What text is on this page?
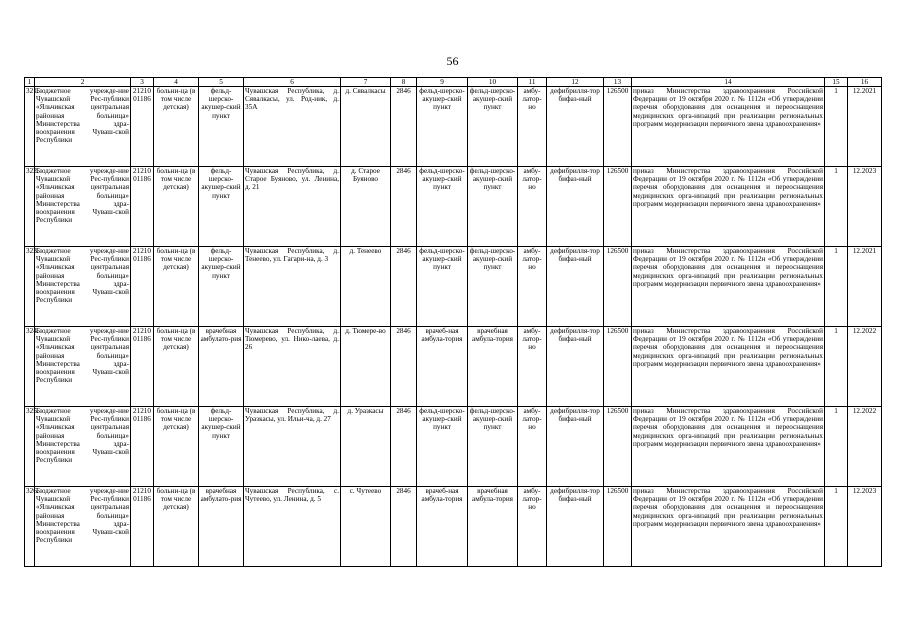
56
1	2	3	4	5	6	7	8	9	10	11	12	13	14	15	16
321.	Бюджетное учрежде-ние Чувашской Рес-публики «Яльчикская центральная районная больница» Министерства здра-воохранения Чуваш-ской Республики	21210 01186	больни-ца (в том числе детская)	фельд-шерско-акушер-ский пункт	Чувашская Республика, д. Сявалкасы, ул. Род-ник, д. 35А	д. Сявалкасы	2846	фельд-шерско-акушер-ский пункт	фельд-шерско-акушер-ский пункт	амбу-латор-но	дефибрилля-тор бифаз-ный	126500	приказ Министерства здравоохранения Российской Федерации от 19 октября 2020 г. № 1112н «Об утверждении перечня оборудования для оснащения и переоснащения медицинских орга-низаций при реализации региональных программ модернизации первичного звена здравоохранения»	1	12.2021
322.	Бюджетное учрежде-ние Чувашской Рес-публики «Яльчикская центральная районная больница» Министерства здра-воохранения Чуваш-ской Республики	21210 01186	больни-ца (в том числе детская)	фельд-шерско-акушер-ский пункт	Чувашская Республика, д. Старое Буяново, ул. Ленина, д. 21	д. Старое Буяново	2846	фельд-шерско-акушер-ский пункт	фельд-шерско-акушер-ский пункт	амбу-латор-но	дефибрилля-тор бифаз-ный	126500	приказ Министерства здравоохранения Российской Федерации от 19 октября 2020 г. № 1112н «Об утверждении перечня оборудования для оснащения и переоснащения медицинских орга-низаций при реализации региональных программ модернизации первичного звена здравоохранения»	1	12.2023
323.	Бюджетное учрежде-ние Чувашской Рес-публики «Яльчикская центральная районная больница» Министерства здра-воохранения Чуваш-ской Республики	21210 01186	больни-ца (в том числе детская)	фельд-шерско-акушер-ский пункт	Чувашская Республика, д. Тенеево, ул. Гагари-на, д. 3	д. Тенеево	2846	фельд-шерско-акушер-ский пункт	фельд-шерско-акушер-ский пункт	амбу-латор-но	дефибрилля-тор бифаз-ный	126500	приказ Министерства здравоохранения Российской Федерации от 19 октября 2020 г. № 1112н «Об утверждении перечня оборудования для оснащения и переоснащения медицинских орга-низаций при реализации региональных программ модернизации первичного звена здравоохранения»	1	12.2021
324.	Бюджетное учрежде-ние Чувашской Рес-публики «Яльчикская центральная районная больница» Министерства здра-воохранения Чуваш-ской Республики	21210 01186	больни-ца (в том числе детская)	врачебная амбулато-рия	Чувашская Республика, д. Тюмерево, ул. Нико-лаева, д. 26	д. Тюмере-во	2846	врачеб-ная амбула-тория	врачебная амбула-тория	амбу-латор-но	дефибрилля-тор бифаз-ный	126500	приказ Министерства здравоохранения Российской Федерации от 19 октября 2020 г. № 1112н «Об утверждении перечня оборудования для оснащения и переоснащения медицинских орга-низаций при реализации региональных программ модернизации первичного звена здравоохранения»	1	12.2022
325.	Бюджетное учрежде-ние Чувашской Рес-публики «Яльчикская центральная районная больница» Министерства здра-воохранения Чуваш-ской Республики	21210 01186	больни-ца (в том числе детская)	фельд-шерско-акушер-ский пункт	Чувашская Республика, д. Уразкасы, ул. Ильи-ча, д. 27	д. Уразкасы	2846	фельд-шерско-акушер-ский пункт	фельд-шерско-акушер-ский пункт	амбу-латор-но	дефибрилля-тор бифаз-ный	126500	приказ Министерства здравоохранения Российской Федерации от 19 октября 2020 г. № 1112н «Об утверждении перечня оборудования для оснащения и переоснащения медицинских орга-низаций при реализации региональных программ модернизации первичного звена здравоохранения»	1	12.2022
326.	Бюджетное учрежде-ние Чувашской Рес-публики «Яльчикская центральная районная больница» Министерства здра-воохранения Чуваш-ской Республики	21210 01186	больни-ца (в том числе детская)	врачебная амбулато-рия	Чувашская Республика, с. Чутеево, ул. Ленина, д. 5	с. Чутеево	2846	врачеб-ная амбула-тория	врачебная амбула-тория	амбу-латор-но	дефибрилля-тор бифаз-ный	126500	приказ Министерства здравоохранения Российской Федерации от 19 октября 2020 г. № 1112н «Об утверждении перечня оборудования для оснащения и переоснащения медицинских орга-низаций при реализации региональных программ модернизации первичного звена здравоохранения»	1	12.2023
